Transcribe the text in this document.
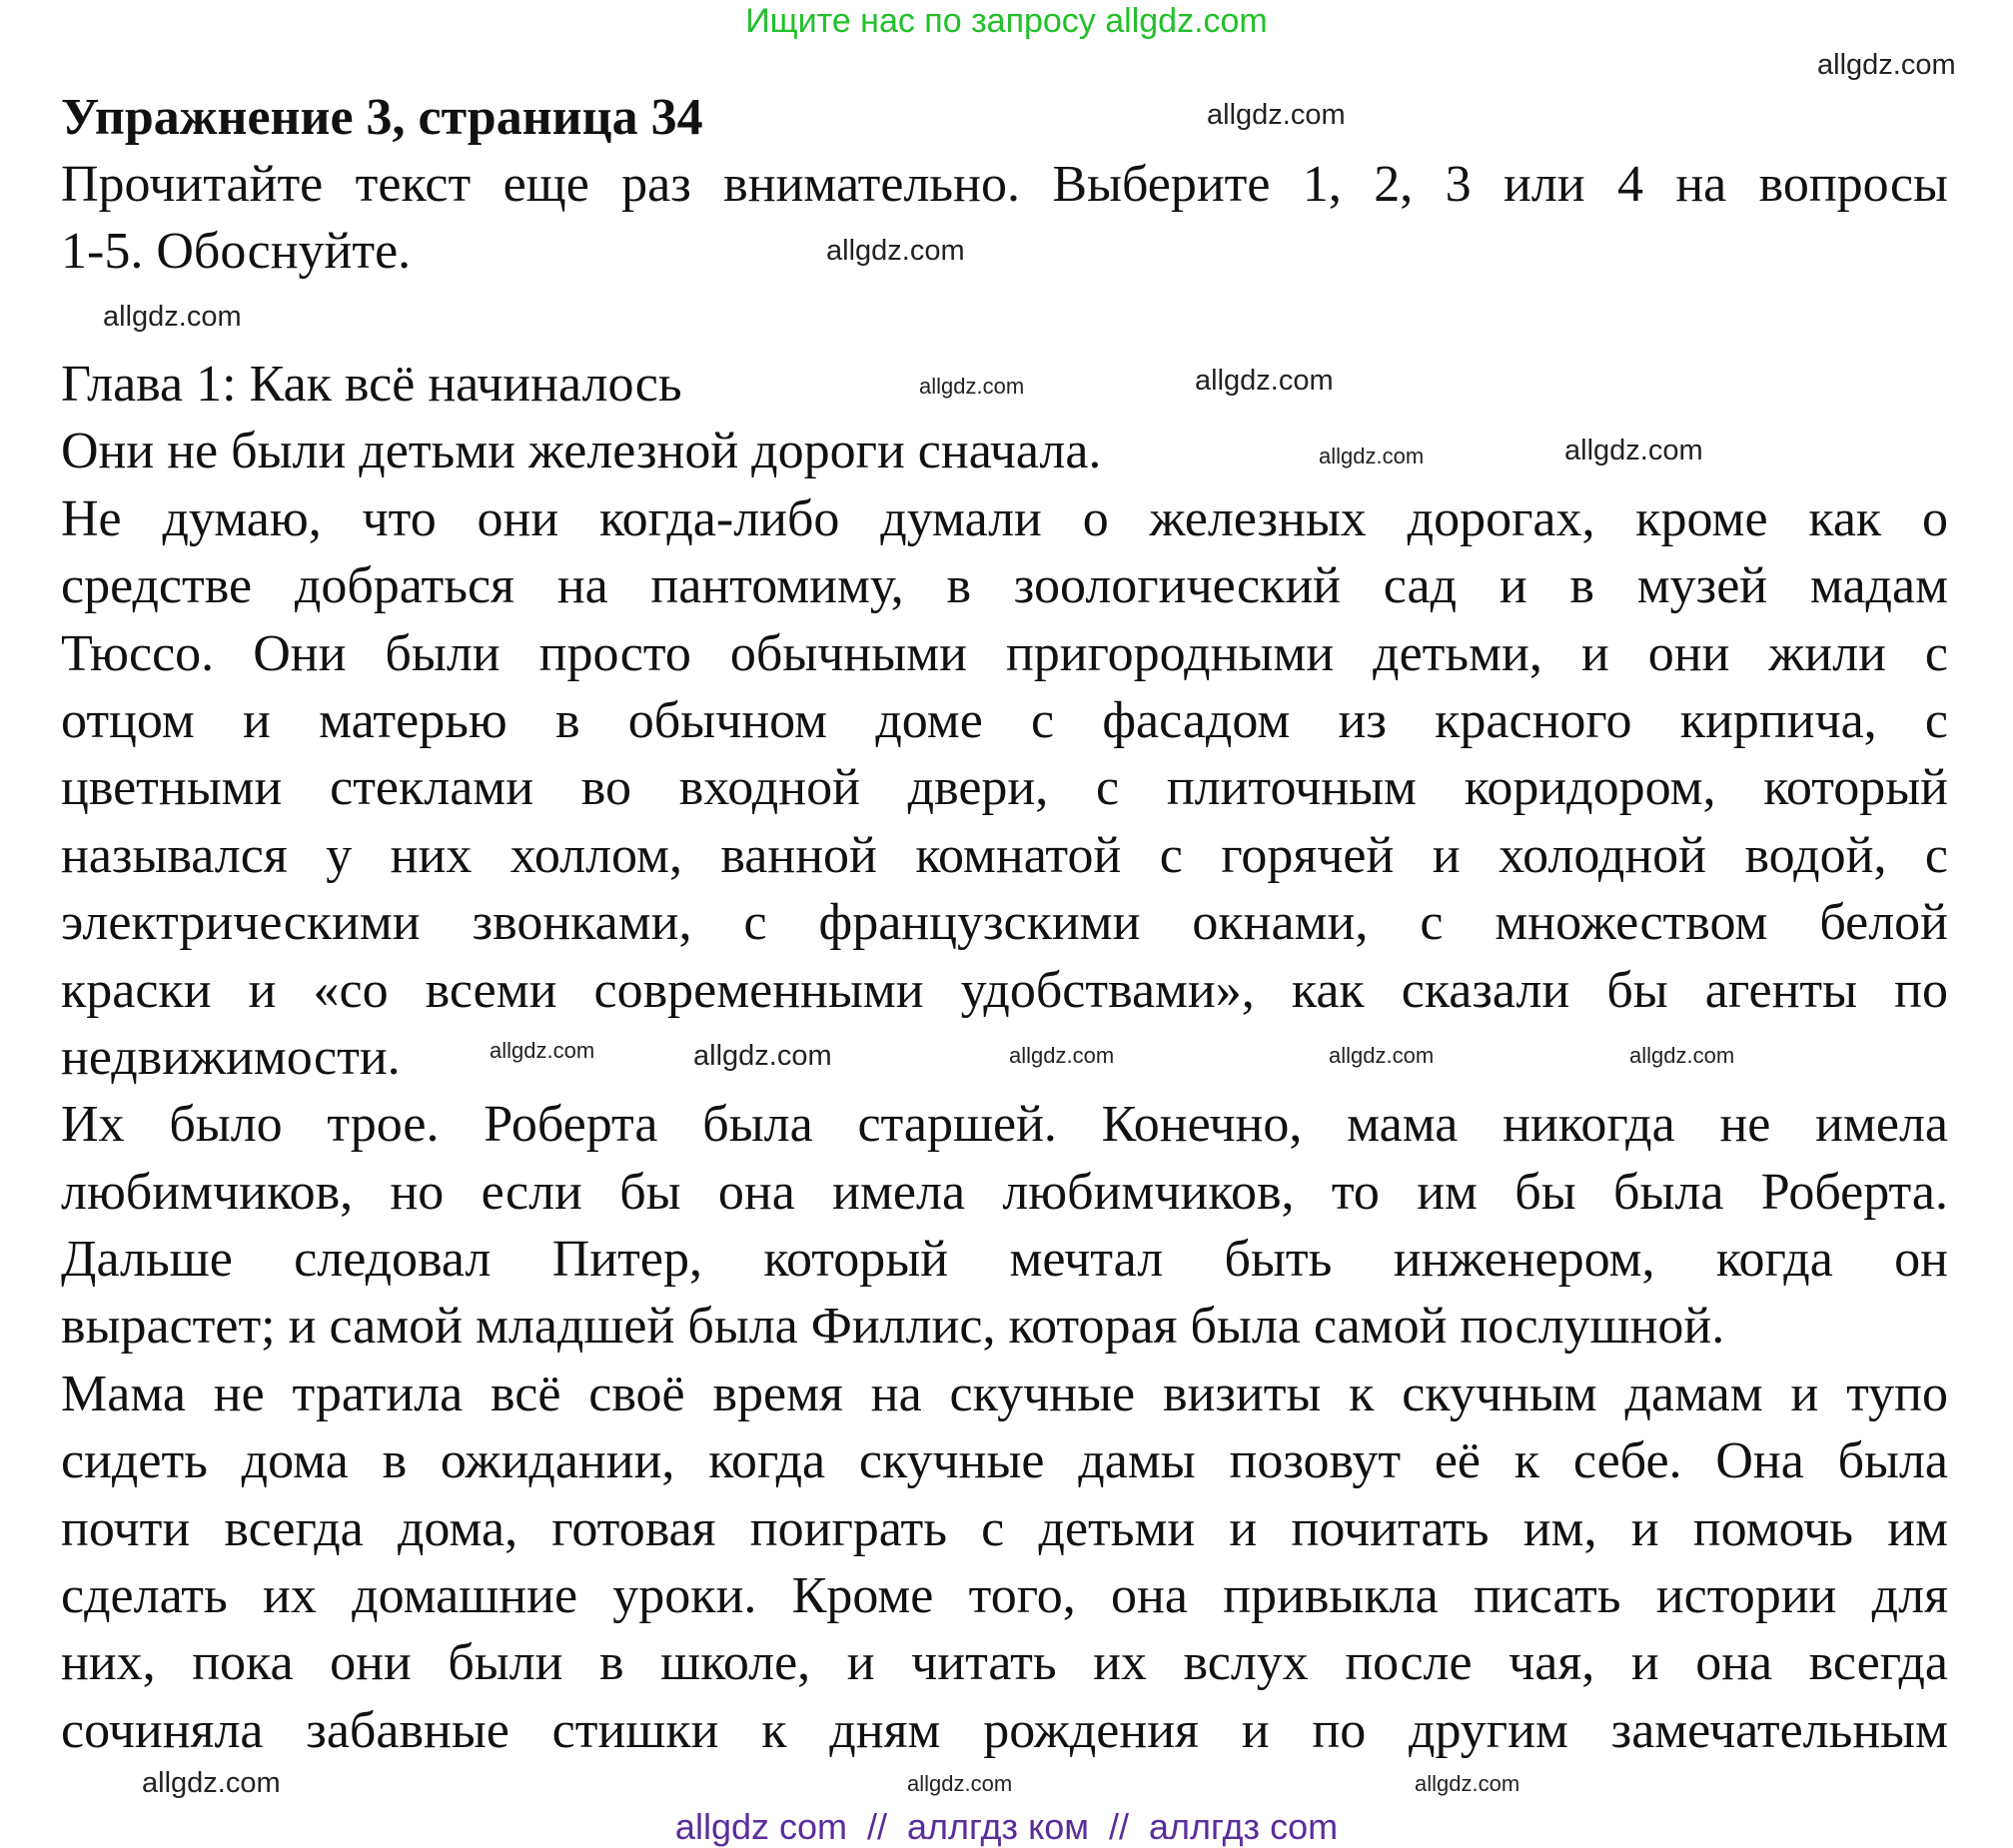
Ищите нас по запросу allgdz.com
Упражнение 3, страница 34
Прочитайте текст еще раз внимательно. Выберите 1, 2, 3 или 4 на вопросы
1-5. Обоснуйте.
Глава 1: Как всё начиналось
Они не были детьми железной дороги сначала.
Не думаю, что они когда-либо думали о железных дорогах, кроме как о
средстве добраться на пантомиму, в зоологический сад и в музей мадам
Тюссо. Они были просто обычными пригородными детьми, и они жили с
отцом и матерью в обычном доме с фасадом из красного кирпича, с
цветными стеклами во входной двери, с плиточным коридором, который
назывался у них холлом, ванной комнатой с горячей и холодной водой, с
электрическими звонками, с французскими окнами, с множеством белой
краски и «со всеми современными удобствами», как сказали бы агенты по
недвижимости.
Их было трое. Роберта была старшей. Конечно, мама никогда не имела
любимчиков, но если бы она имела любимчиков, то им бы была Роберта.
Дальше следовал Питер, который мечтал быть инженером, когда он
вырастет; и самой младшей была Филлис, которая была самой послушной.
Мама не тратила всё своё время на скучные визиты к скучным дамам и тупо
сидеть дома в ожидании, когда скучные дамы позовут её к себе. Она была
почти всегда дома, готовая поиграть с детьми и почитать им, и помочь им
сделать их домашние уроки. Кроме того, она привыкла писать истории для
них, пока они были в школе, и читать их вслух после чая, и она всегда
сочиняла забавные стишки к дням рождения и по другим замечательным
allgdz.com
allgdz.com
allgdz.com
allgdz.com
allgdz.com
allgdz.com
allgdz.com
allgdz.com
allgdz.com
allgdz.com
allgdz.com	allgdz.com	allgdz.com
allgdz.com
allgdz.com
allgdz.com
allgdz com  //  аллгдз ком  //  аллгдз com
